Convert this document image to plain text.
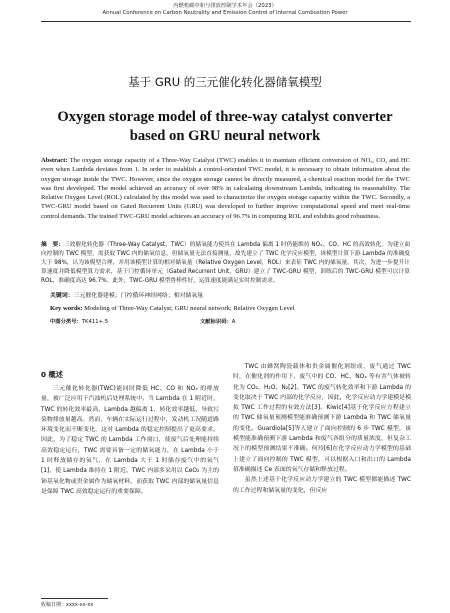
内燃机碳中和与排放控制学术年会（2023）
Annual Conference on Carbon Neutrality and Emission Control of Internal Combustion Power
基于 GRU 的三元催化转化器储氧模型
Oxygen storage model of three-way catalyst converter based on GRU neural network
Abstract: The oxygen storage capacity of a Three-Way Catalyst (TWC) enables it to maintain efficient conversion of NOₓ, CO, and HC even when Lambda deviates from 1. In order to establish a control-oriented TWC model, it is necessary to obtain information about the oxygen storage inside the TWC. However, since the oxygen storage cannot be directly measured, a chemical reaction model for the TWC was first developed. The model achieved an accuracy of over 98% in calculating downstream Lambda, indicating its reasonability. The Relative Oxygen Level (ROL) calculated by this model was used to characterize the oxygen storage capacity within the TWC. Secondly, a TWC-GRU model based on Gated Recurrent Units (GRU) was developed to further improve computational speed and meet real-time control demands. The trained TWC-GRU model achieves an accuracy of 96.7% in computing ROL and exhibits good robustness.
摘　要：三效催化转化器（Three-Way Catalyst，TWC）的储氧能力使其在 Lambda 偏离 1 时仍能维持 NOₓ、CO、HC 的高效转化。为建立面向控制的 TWC 模型，需获取 TWC 内的储氧信息，但储氧量无法直接测量，故先建立了 TWC 化学反应模型，该模型计算下游 Lambda 的准确度大于 98%，认为该模型合理，并用该模型计算的相对储氧量（Relative Oxygen Level，ROL）来表征 TWC 内的储氧量。其次，为进一步提升计算速度并降低模型算力需求，基于门控循环单元（Gated Recurrent Unit，GRU）建立了 TWC-GRU 模型，训练后的 TWC-GRU 模型可以计算 ROL，准确度高达 96.7%。此外，TWC-GRU 模型鲁棒性好，运算速度能满足实时控制需求。
关键词：三元催化器建模；门控循环神经网络；相对储氧量
Key words: Modeling of Three-Way Catalyst; GRU neural network; Relative Oxygen Level
中图分类号：TK411+.5	文献标识码：A
0 概述

三元催化转化器(TWC)能同时降低 HC、CO 和 NOₓ 的排放量，被广泛应用于汽油机后处理系统中。当 Lambda 在 1 附近时，TWC 的转化效率最高，Lambda 越偏离 1，转化效率越低，导致污染物排放量越高。然而，车辆在实际运行过程中，发动机工况随道路环境变化而不断变化，这对 Lambda 的稳定控制提出了更高要求。因此，为了稳定 TWC 的 Lambda 工作窗口，使废气后处理能持续高效稳定运行，TWC 需要具备一定的储氧能力，在 Lambda 小于 1 时释放储存的氧气，在 Lambda 大于 1 时储存废气中的氧气[1]，使 Lambda 维持在 1 附近。TWC 内部多采用以 CeO₂ 为主的铈基氧化物或贵金属作为储氧材料，而获取 TWC 内部的储氧量信息是保障 TWC 高效稳定运行的重要保障。

TWC 由蜂窝陶瓷载体和贵金属催化剂组成，废气通过 TWC 时，在催化剂的作用下，废气中的 CO、HC、NOₓ 等有害气体被转化为 CO₂、H₂O、N₂[2]。TWC 的废气转化效率和下游 Lambda 的变化取决于 TWC 内部的化学反应，因此，化学反应动力学建模是模拟 TWC 工作过程的有效方法[3]。Kiwic[4]基于化学反应方程建立的 TWC 储氧量预测模型能准确预测下游 Lambda 和 TWC 储氧量的变化。Guardiola[5]等人建立了面向控制的 6 步 TWC 模型，该模型能准确预测下游 Lambda 和废气各组分的质量浓度，但复杂工况下的模型预测结果不准确。何玲[6]在化学反应动力学模型的基础上建立了面向控制的 TWC 模型，可以根据入口和出口的 Lambda 值准确描述 Ce 表面的氧气存储和释放过程。

虽然上述基于化学反应动力学建立的 TWC 模型都能描述 TWC 的工作过程和储氧量的变化，但反应

收稿日期：xxxx-xx-xx
